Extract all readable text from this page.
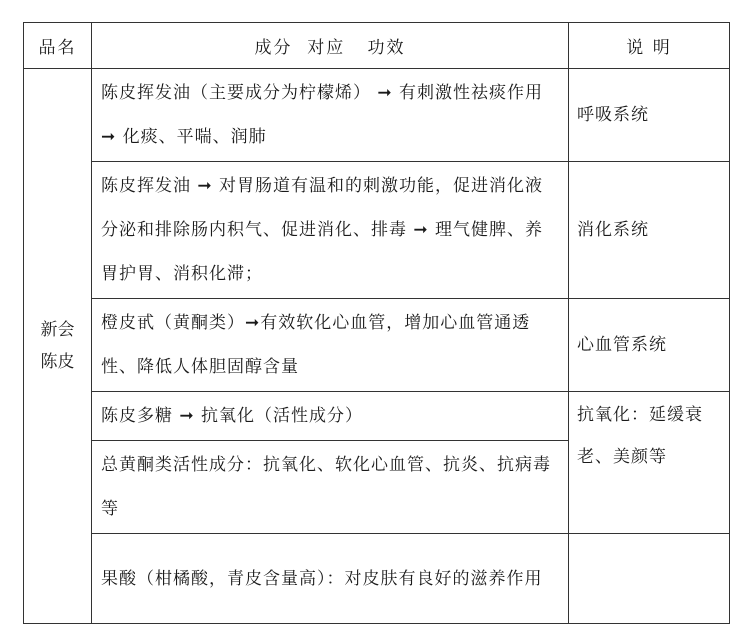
品名	成分  对应   功效	说 明

新会
陈皮	陈皮挥发油（主要成分为柠檬烯） ➞ 有刺激性祛痰作用 ➞ 化痰、平喘、润肺	呼吸系统
	陈皮挥发油 ➞ 对胃肠道有温和的刺激功能，促进消化液分泌和排除肠内积气、促进消化、排毒 ➞ 理气健脾、养胃护胃、消积化滞；	消化系统
	橙皮甙（黄酮类）➞有效软化心血管，增加心血管通透性、降低人体胆固醇含量	心血管系统
	陈皮多糖 ➞ 抗氧化（活性成分）	抗氧化：延缓衰老、美颜等
	总黄酮类活性成分：抗氧化、软化心血管、抗炎、抗病毒等	
	果酸（柑橘酸，青皮含量高）：对皮肤有良好的滋养作用	
